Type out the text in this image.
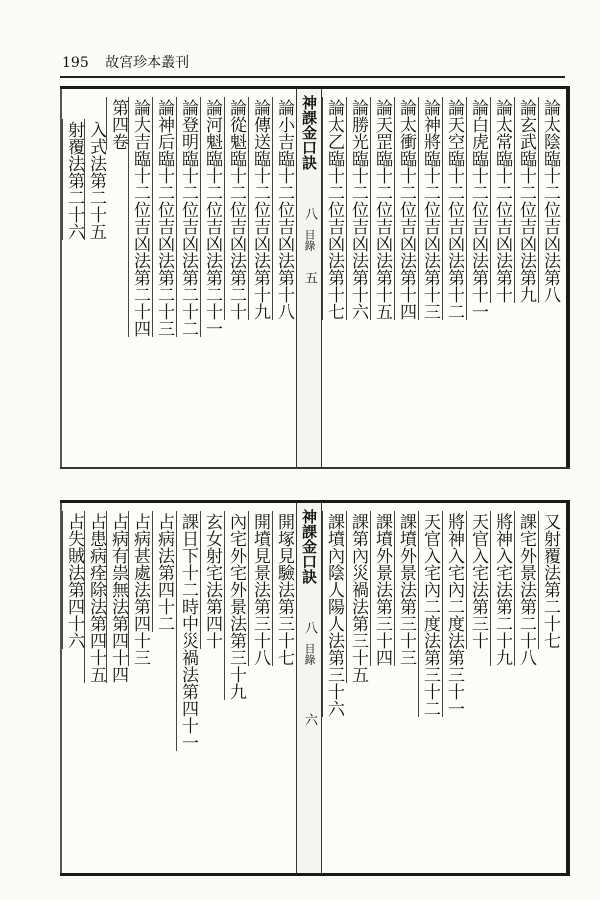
195 故宮珍本叢刊
論太陰臨十二位吉凶法第八
論玄武臨十二位吉凶法第九
論太常臨十二位吉凶法第十
論白虎臨十二位吉凶法第十一
論天空臨十二位吉凶法第十二
論神將臨十二位吉凶法第十三
論太衝臨十二位吉凶法第十四
論天罡臨十二位吉凶法第十五
論勝光臨十二位吉凶法第十六
論太乙臨十二位吉凶法第十七
神課金口訣
八
目錄
五
論小吉臨十二位吉凶法第十八
論傳送臨十二位吉凶法第十九
論從魁臨十二位吉凶法第二十
論河魁臨十二位吉凶法第二十一
論登明臨十二位吉凶法第二十二
論神后臨十二位吉凶法第二十三
論大吉臨十二位吉凶法第二十四
第四卷
入式法第二十五
射覆法第二十六
又射覆法第二十七
課宅外景法第二十八
將神入宅法第二十九
天官入宅法第三十
將神入宅內二度法第三十一
天官入宅內二度法第三十二
課墳外景法第三十三
課墳外景法第三十四
課第內災禍法第三十五
課墳內陰人陽人法第三十六
神課金口訣
八
目錄
六
開塚見驗法第三十七
開墳見景法第三十八
內宅外宅外景法第三十九
玄女射宅法第四十
課日下十二時中災禍法第四十一
占病法第四十二
占病甚處法第四十三
占病有祟無法第四十四
占患病痊除法第四十五
占失賊法第四十六
